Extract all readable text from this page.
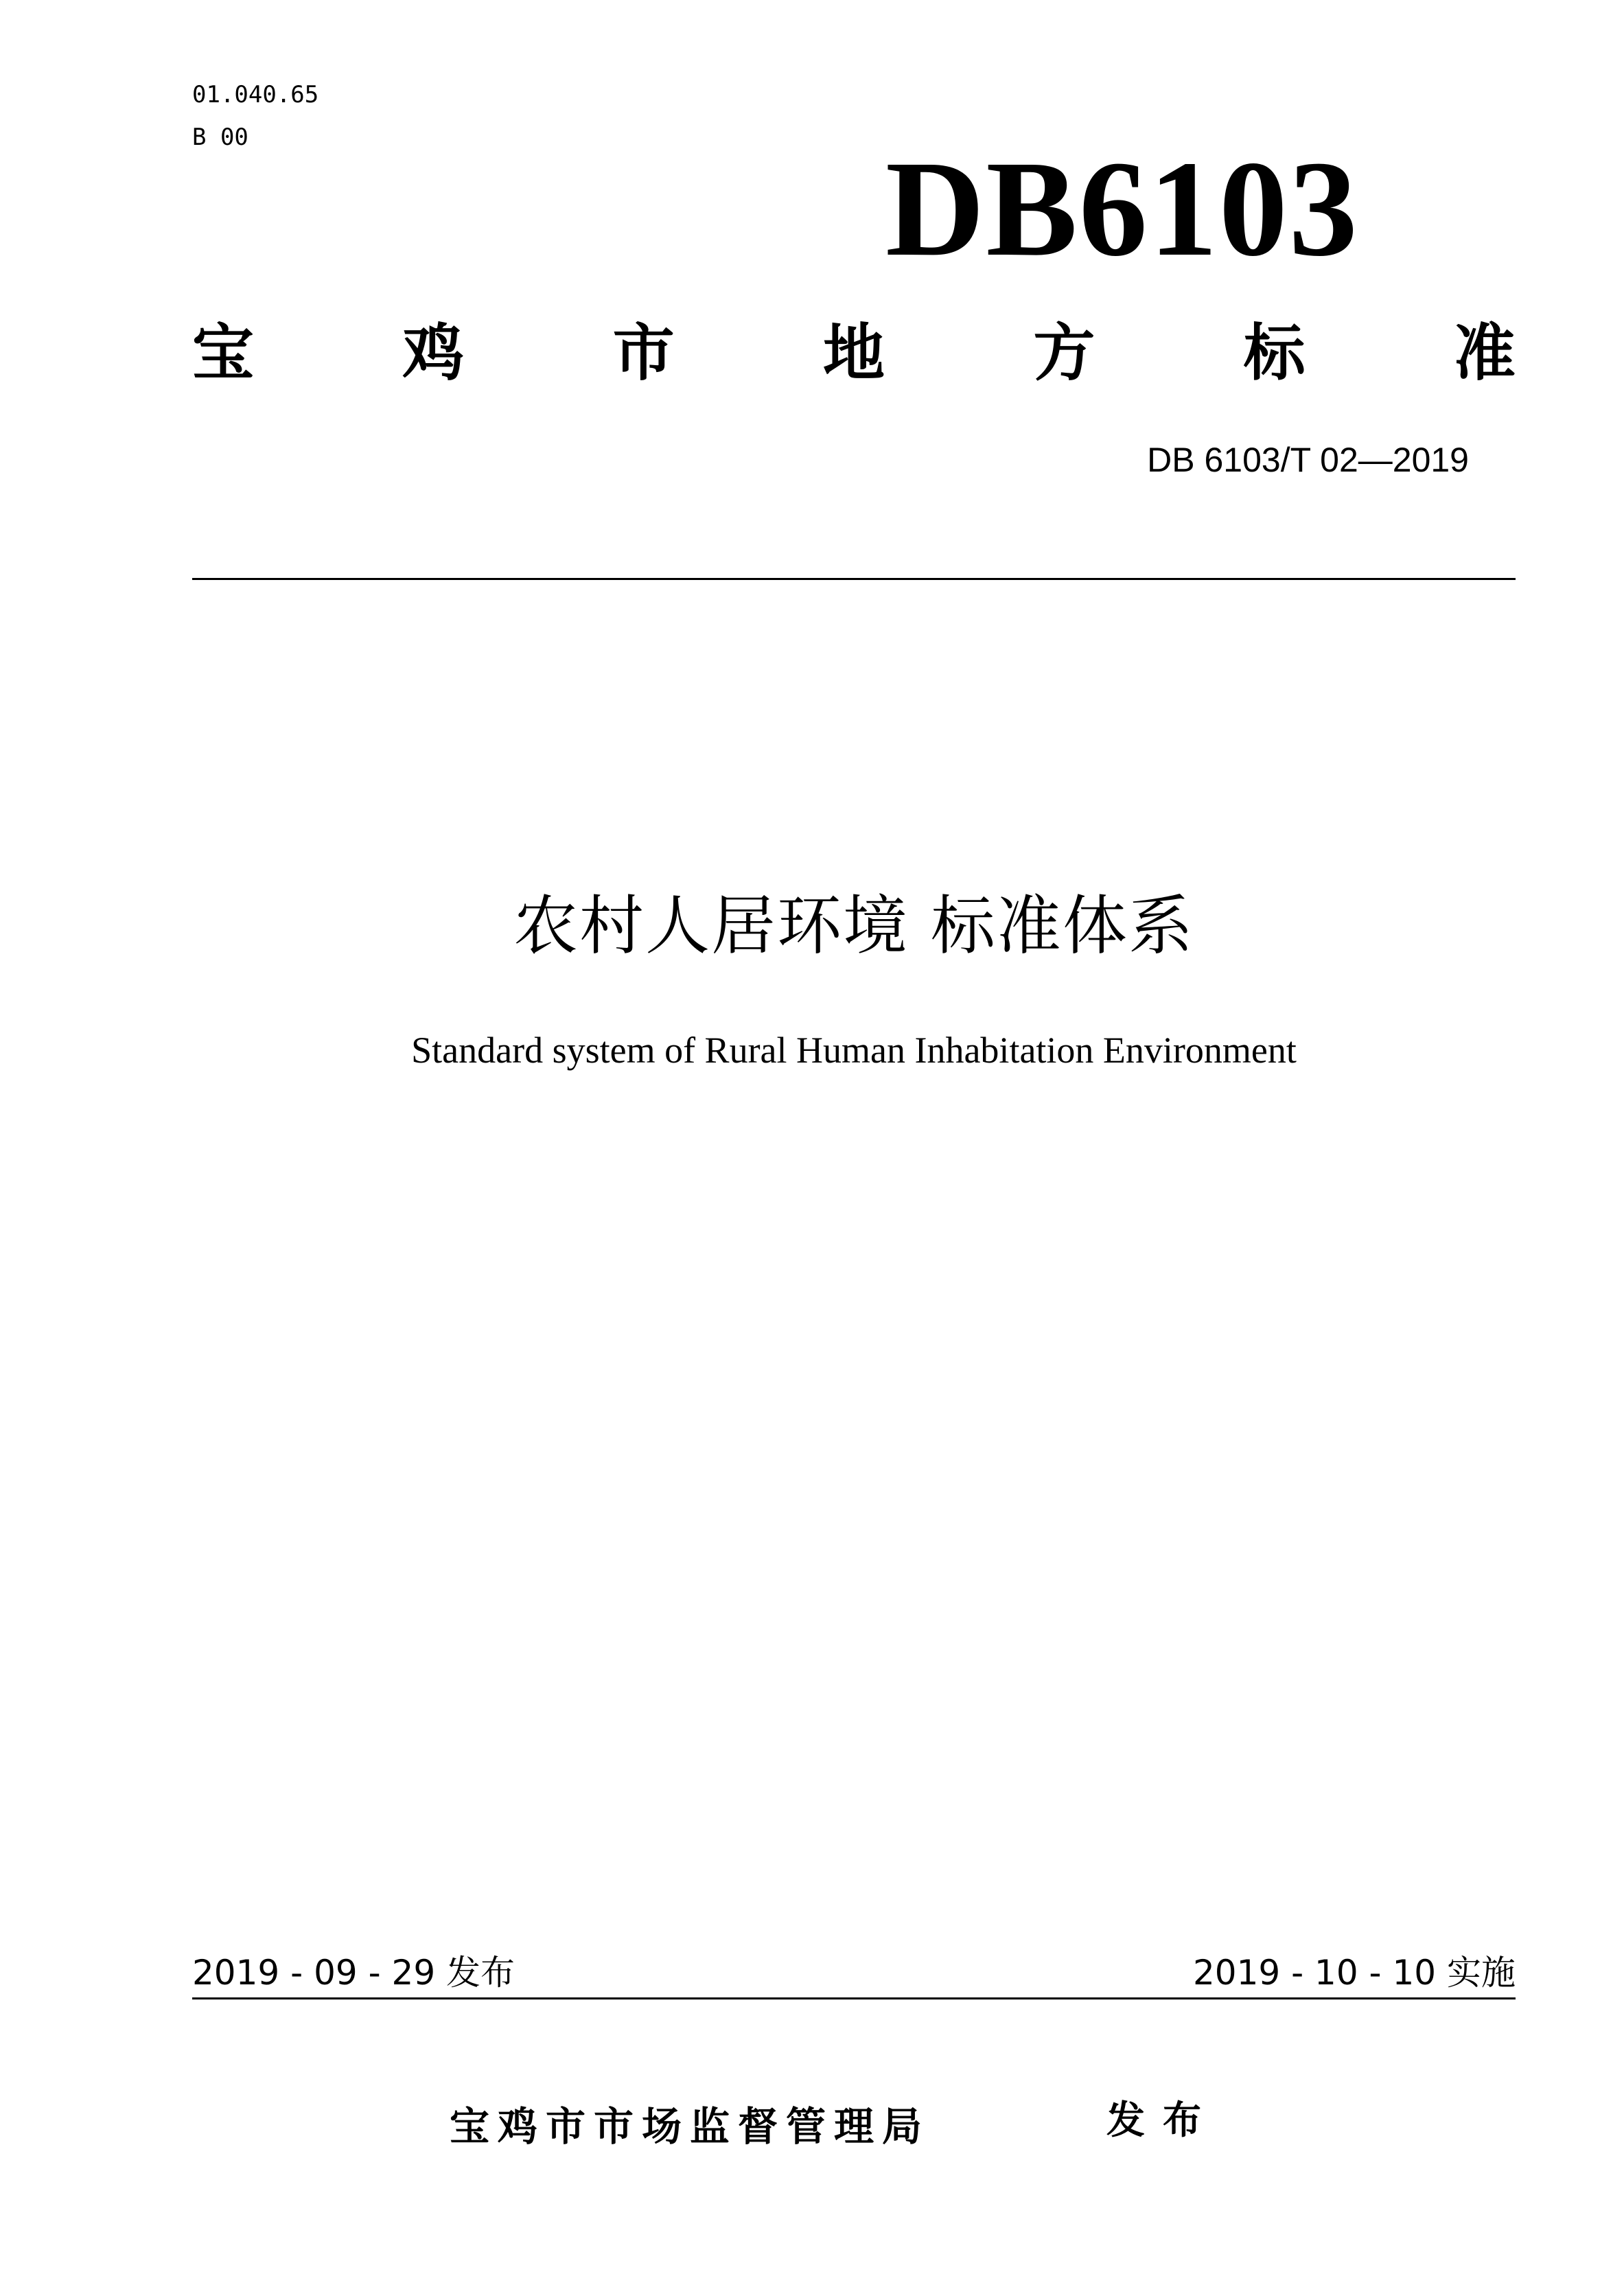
01.040.65
B 00	DB6103
宝 鸡 市 地 方 标 准
DB 6103/T 02—2019
农村人居环境 标准体系
Standard system of Rural Human Inhabitation Environment
2019 - 09 - 29 发布	2019 - 10 - 10 实施
宝鸡市市场监督管理局	发布
